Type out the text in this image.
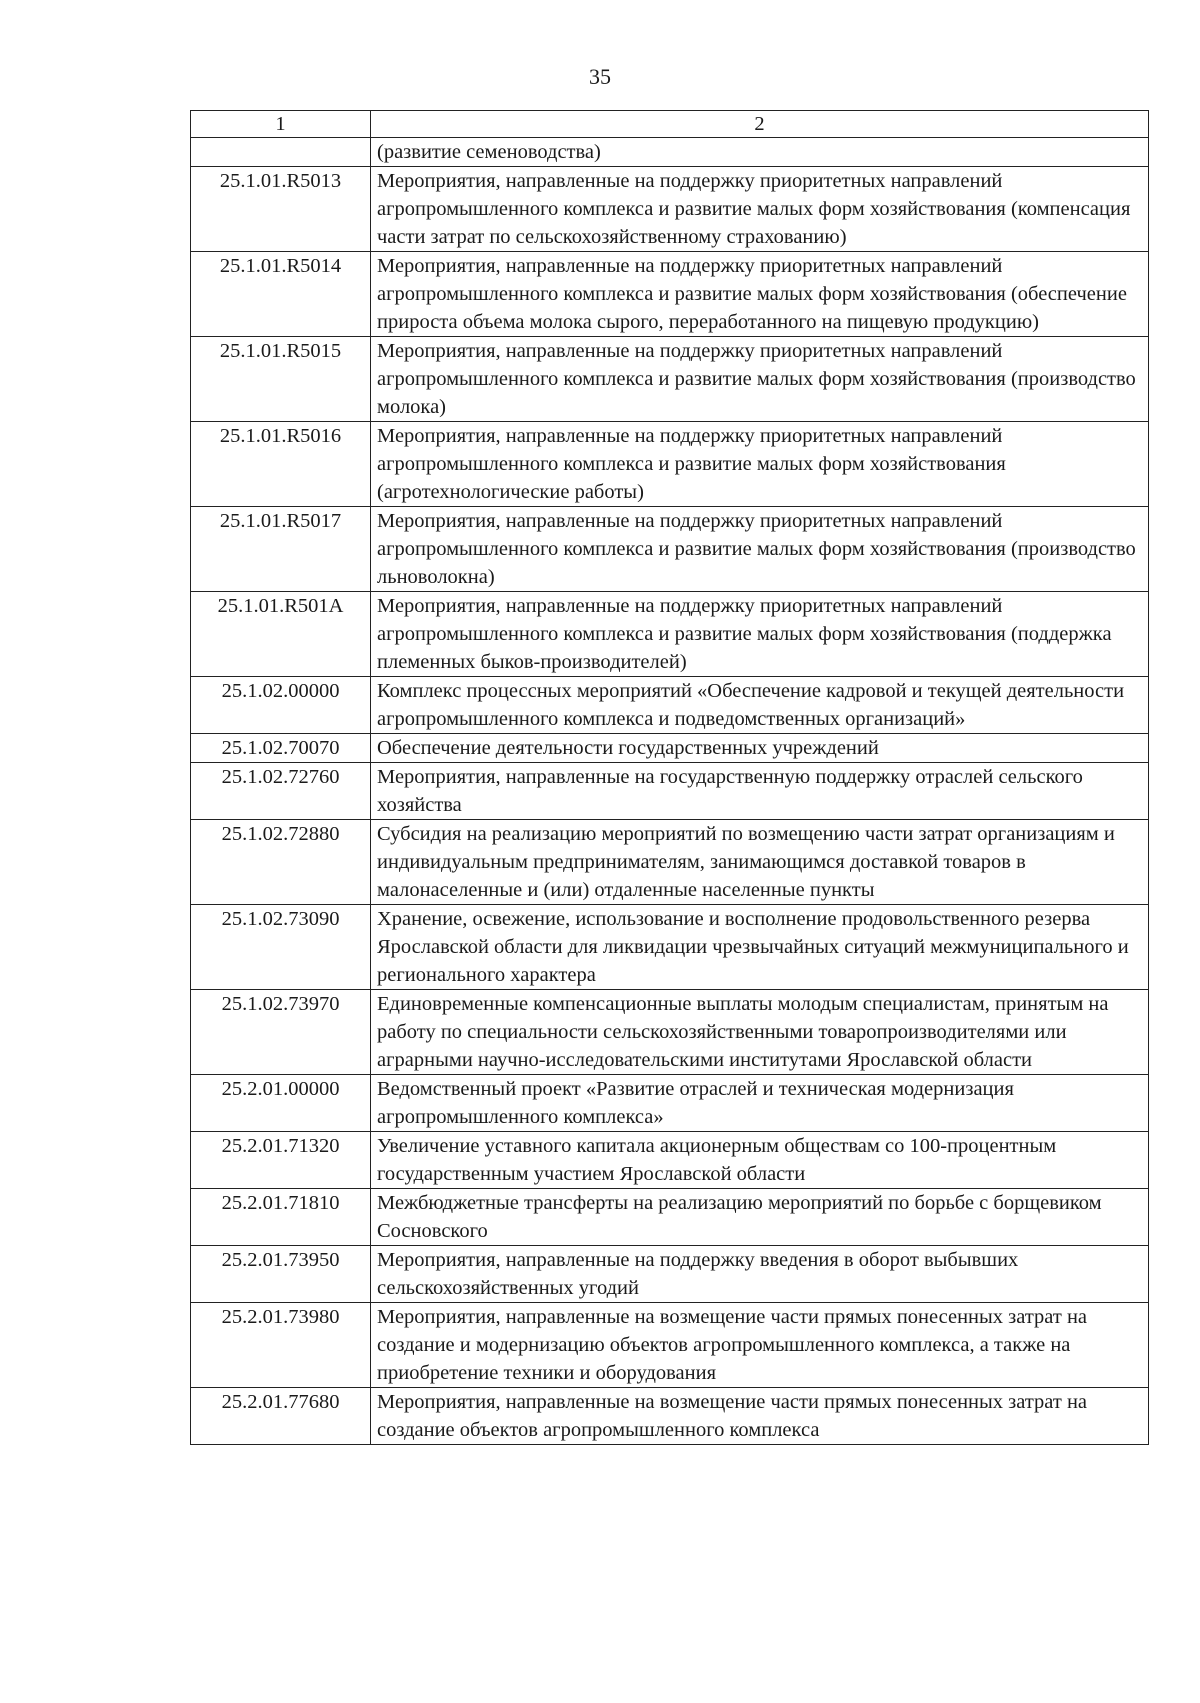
35
1	2
	(развитие семеноводства)
25.1.01.R5013	Мероприятия, направленные на поддержку приоритетных направлений агропромышленного комплекса и развитие малых форм хозяйствования (компенсация части затрат по сельскохозяйственному страхованию)
25.1.01.R5014	Мероприятия, направленные на поддержку приоритетных направлений агропромышленного комплекса и развитие малых форм хозяйствования (обеспечение прироста объема молока сырого, переработанного на пищевую продукцию)
25.1.01.R5015	Мероприятия, направленные на поддержку приоритетных направлений агропромышленного комплекса и развитие малых форм хозяйствования (производство молока)
25.1.01.R5016	Мероприятия, направленные на поддержку приоритетных направлений агропромышленного комплекса и развитие малых форм хозяйствования (агротехнологические работы)
25.1.01.R5017	Мероприятия, направленные на поддержку приоритетных направлений агропромышленного комплекса и развитие малых форм хозяйствования (производство льноволокна)
25.1.01.R501A	Мероприятия, направленные на поддержку приоритетных направлений агропромышленного комплекса и развитие малых форм хозяйствования (поддержка племенных быков-производителей)
25.1.02.00000	Комплекс процессных мероприятий «Обеспечение кадровой и текущей деятельности агропромышленного комплекса и подведомственных организаций»
25.1.02.70070	Обеспечение деятельности государственных учреждений
25.1.02.72760	Мероприятия, направленные на государственную поддержку отраслей сельского хозяйства
25.1.02.72880	Субсидия на реализацию мероприятий по возмещению части затрат организациям и индивидуальным предпринимателям, занимающимся доставкой товаров в малонаселенные и (или) отдаленные населенные пункты
25.1.02.73090	Хранение, освежение, использование и восполнение продовольственного резерва Ярославской области для ликвидации чрезвычайных ситуаций межмуниципального и регионального характера
25.1.02.73970	Единовременные компенсационные выплаты молодым специалистам, принятым на работу по специальности сельскохозяйственными товаропроизводителями или аграрными научно-исследовательскими институтами Ярославской области
25.2.01.00000	Ведомственный проект «Развитие отраслей и техническая модернизация агропромышленного комплекса»
25.2.01.71320	Увеличение уставного капитала акционерным обществам со 100-процентным государственным участием Ярославской области
25.2.01.71810	Межбюджетные трансферты на реализацию мероприятий по борьбе с борщевиком Сосновского
25.2.01.73950	Мероприятия, направленные на поддержку введения в оборот выбывших сельскохозяйственных угодий
25.2.01.73980	Мероприятия, направленные на возмещение части прямых понесенных затрат на создание и модернизацию объектов агропромышленного комплекса, а также на приобретение техники и оборудования
25.2.01.77680	Мероприятия, направленные на возмещение части прямых понесенных затрат на создание объектов агропромышленного комплекса
